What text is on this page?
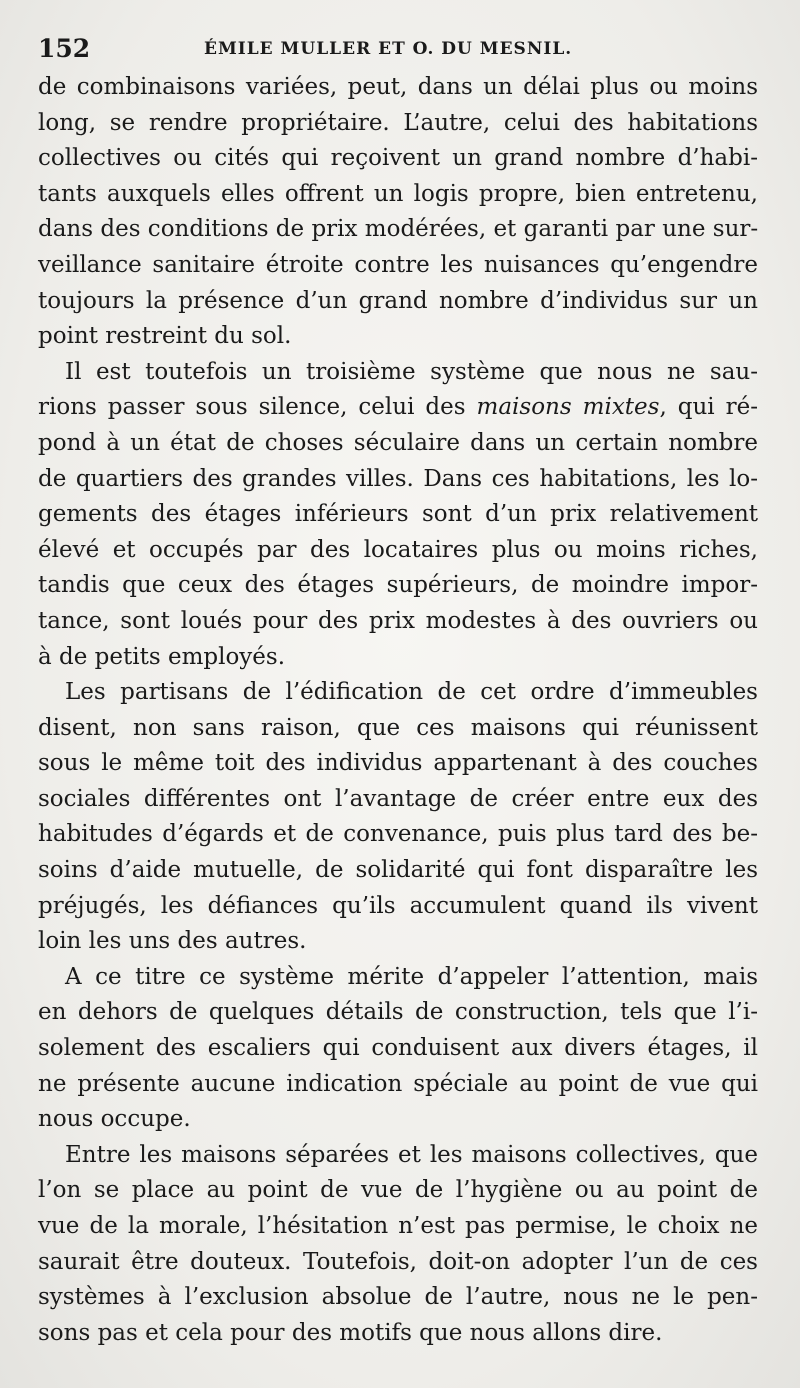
152	ÉMILE MULLER ET O. DU MESNIL.
de combinaisons variées, peut, dans un délai plus ou moins
long, se rendre propriétaire. L’autre, celui des habitations
collectives ou cités qui reçoivent un grand nombre d’habi-
tants auxquels elles offrent un logis propre, bien entretenu,
dans des conditions de prix modérées, et garanti par une sur-
veillance sanitaire étroite contre les nuisances qu’engendre
toujours la présence d’un grand nombre d’individus sur un
point restreint du sol.
Il est toutefois un troisième système que nous ne sau-
rions passer sous silence, celui des maisons mixtes, qui ré-
pond à un état de choses séculaire dans un certain nombre
de quartiers des grandes villes. Dans ces habitations, les lo-
gements des étages inférieurs sont d’un prix relativement
élevé et occupés par des locataires plus ou moins riches,
tandis que ceux des étages supérieurs, de moindre impor-
tance, sont loués pour des prix modestes à des ouvriers ou
à de petits employés.
Les partisans de l’édification de cet ordre d’immeubles
disent, non sans raison, que ces maisons qui réunissent
sous le même toit des individus appartenant à des couches
sociales différentes ont l’avantage de créer entre eux des
habitudes d’égards et de convenance, puis plus tard des be-
soins d’aide mutuelle, de solidarité qui font disparaître les
préjugés, les défiances qu’ils accumulent quand ils vivent
loin les uns des autres.
A ce titre ce système mérite d’appeler l’attention, mais
en dehors de quelques détails de construction, tels que l’i-
solement des escaliers qui conduisent aux divers étages, il
ne présente aucune indication spéciale au point de vue qui
nous occupe.
Entre les maisons séparées et les maisons collectives, que
l’on se place au point de vue de l’hygiène ou au point de
vue de la morale, l’hésitation n’est pas permise, le choix ne
saurait être douteux. Toutefois, doit-on adopter l’un de ces
systèmes à l’exclusion absolue de l’autre, nous ne le pen-
sons pas et cela pour des motifs que nous allons dire.
